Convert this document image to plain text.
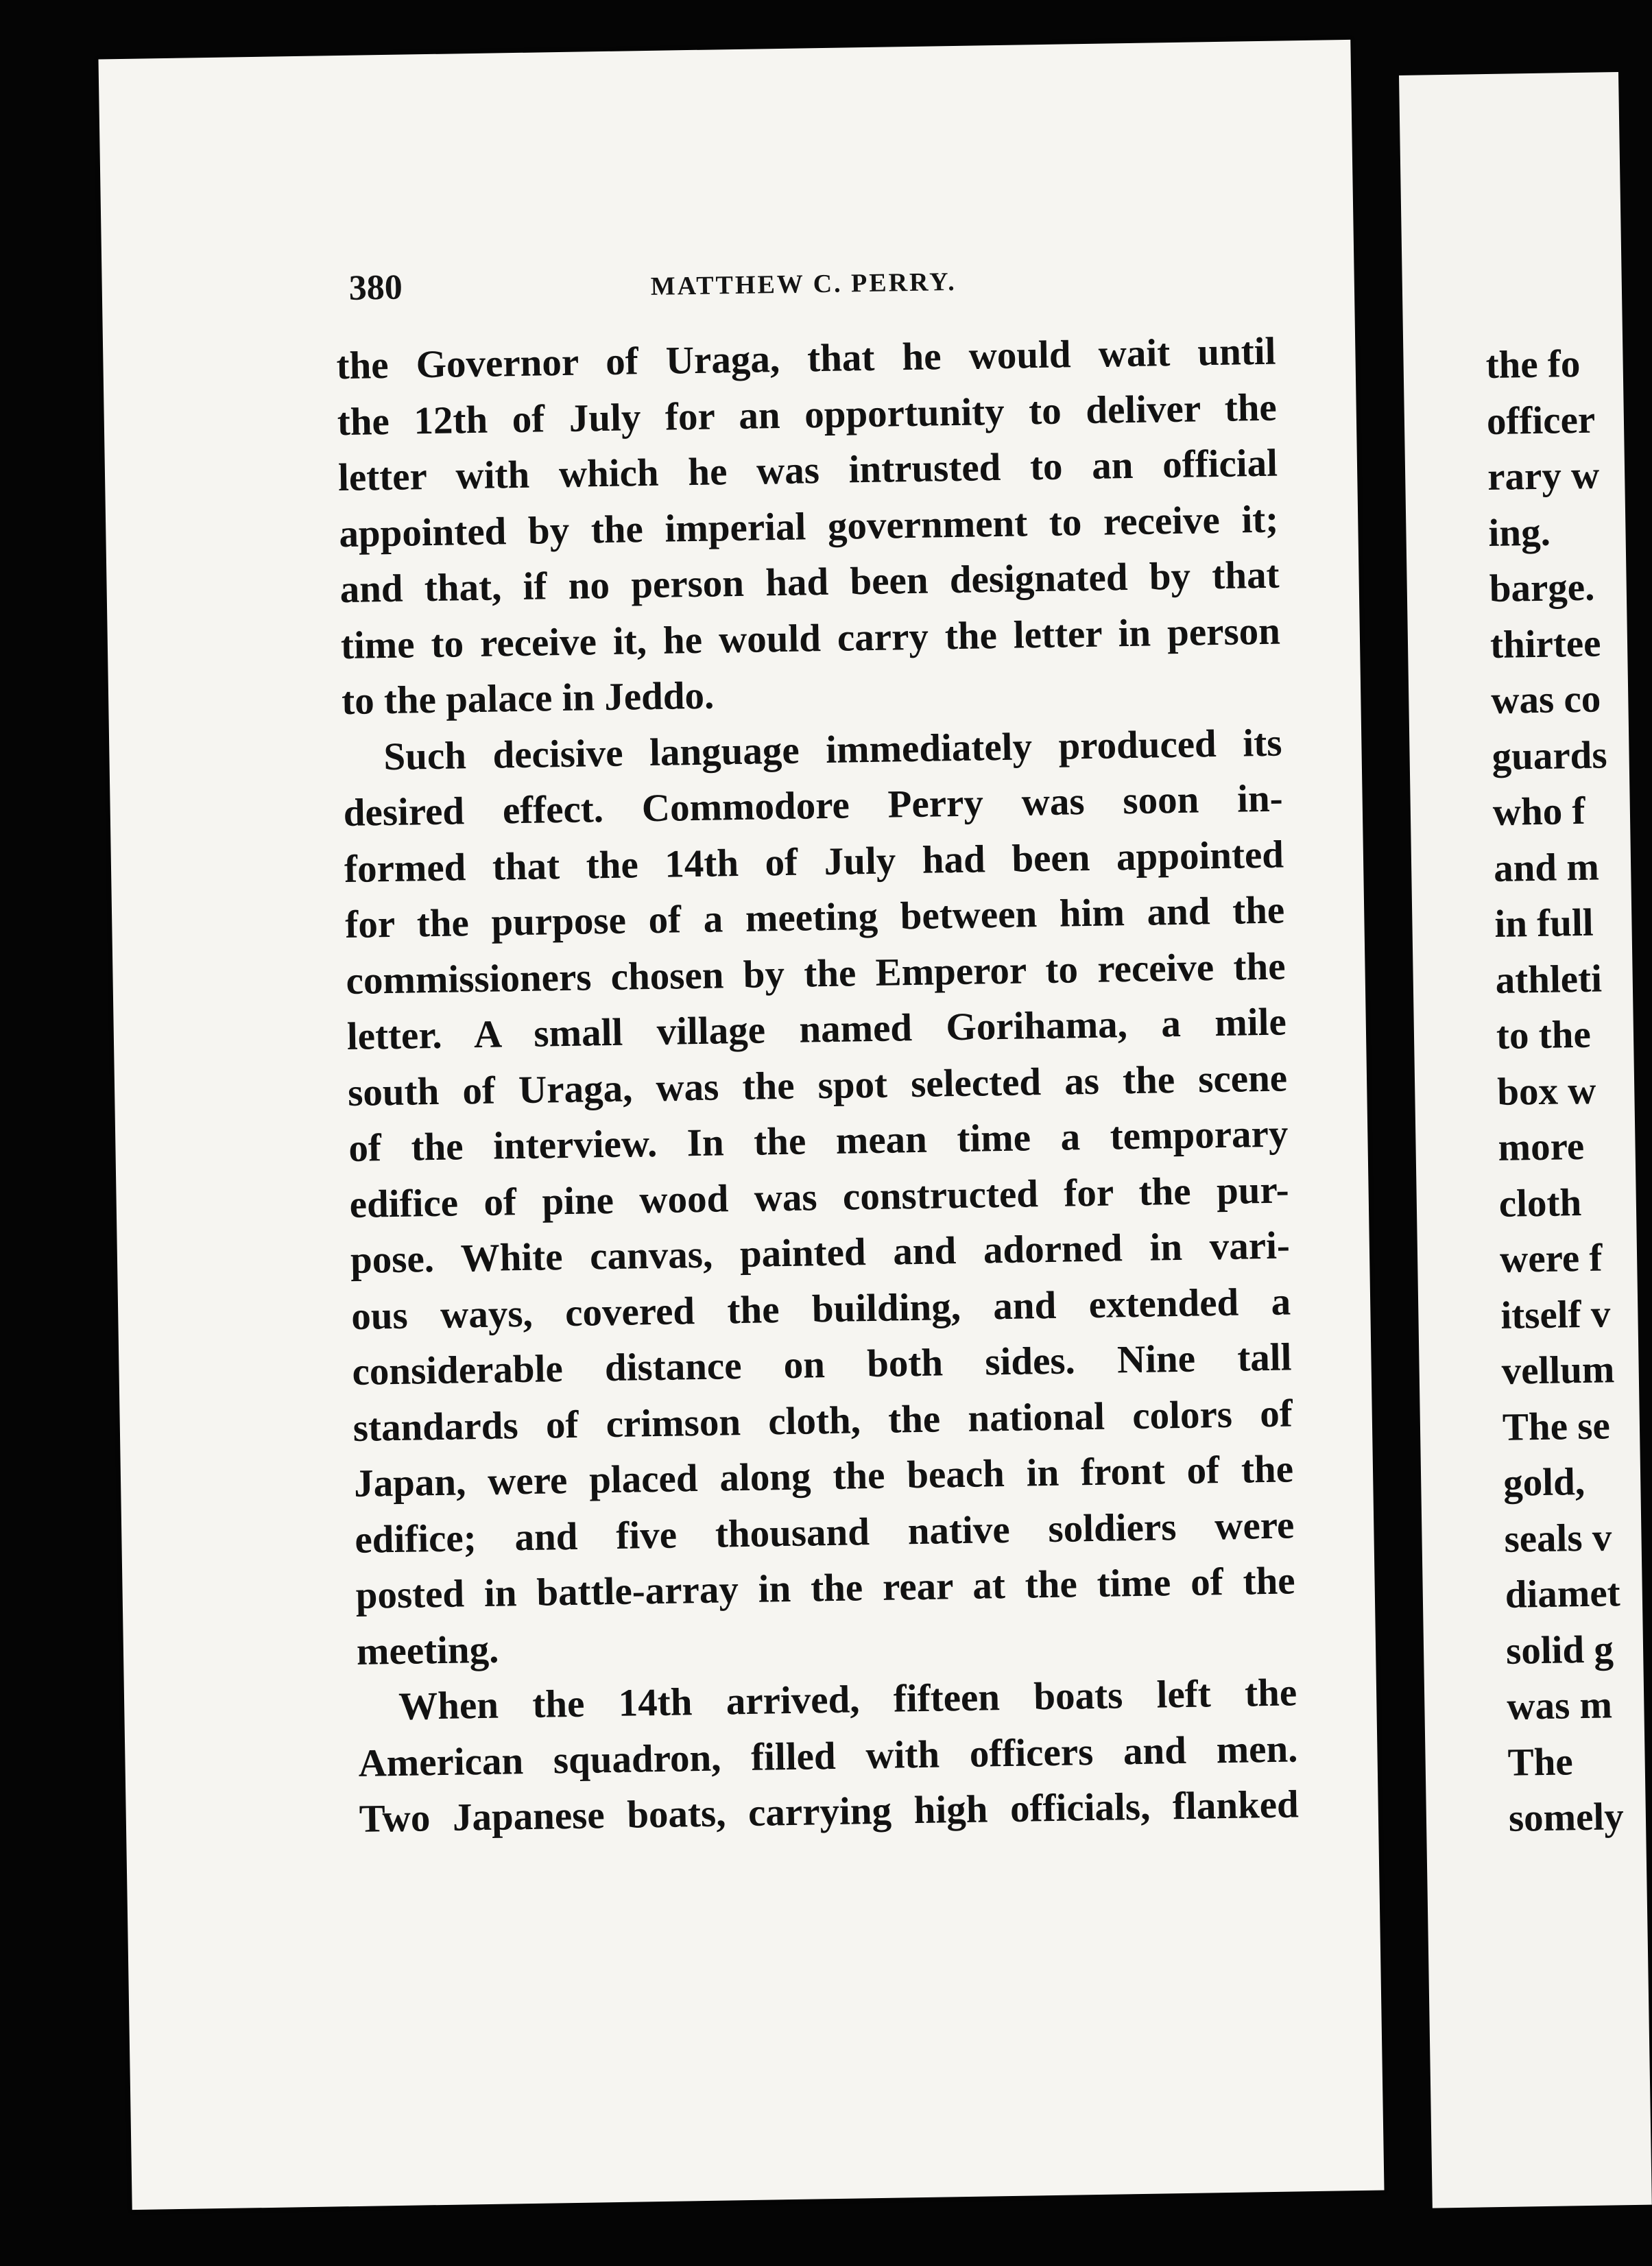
380	MATTHEW C. PERRY.
the Governor of Uraga, that he would wait until
the 12th of July for an opportunity to deliver the
letter with which he was intrusted to an official
appointed by the imperial government to receive it;
and that, if no person had been designated by that
time to receive it, he would carry the letter in person
to the palace in Jeddo.
Such decisive language immediately produced its
desired effect. Commodore Perry was soon in-
formed that the 14th of July had been appointed
for the purpose of a meeting between him and the
commissioners chosen by the Emperor to receive the
letter. A small village named Gorihama, a mile
south of Uraga, was the spot selected as the scene
of the interview. In the mean time a temporary
edifice of pine wood was constructed for the pur-
pose. White canvas, painted and adorned in vari-
ous ways, covered the building, and extended a
considerable distance on both sides. Nine tall
standards of crimson cloth, the national colors of
Japan, were placed along the beach in front of the
edifice; and five thousand native soldiers were
posted in battle-array in the rear at the time of the
meeting.
When the 14th arrived, fifteen boats left the
American squadron, filled with officers and men.
Two Japanese boats, carrying high officials, flanked
the fo
officer
rary w
ing.
barge.
thirtee
was co
guards
who f
and m
in full
athleti
to the
box w
more
cloth
were f
itself v
vellum
The se
gold,
seals v
diamet
solid g
was m
The
somely
